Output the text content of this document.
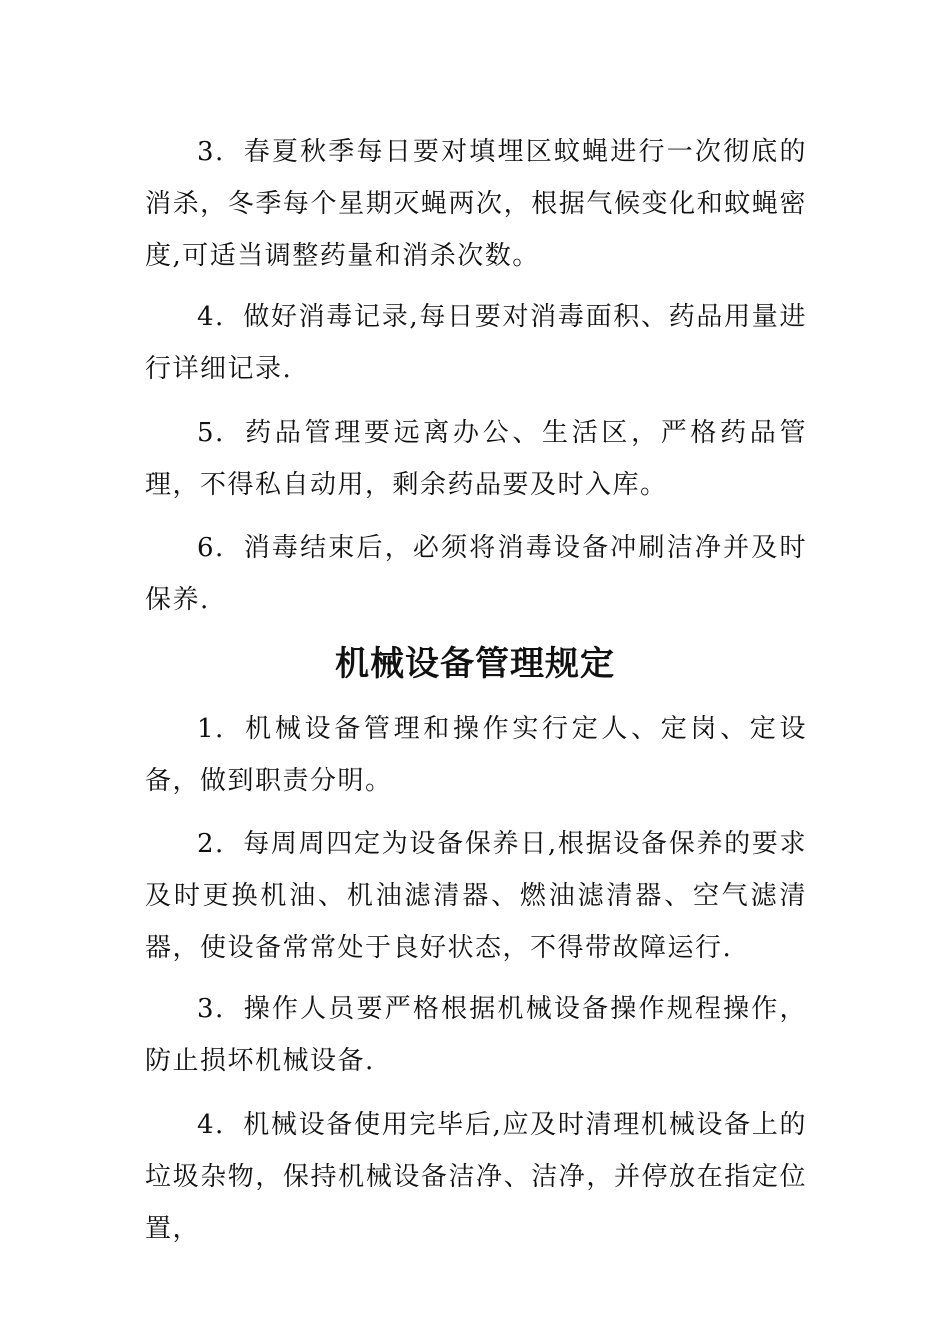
3. 春夏秋季每日要对填埋区蚊蝇进行一次彻底的消杀，冬季每个星期灭蝇两次，根据气候变化和蚊蝇密度,可适当调整药量和消杀次数。

4. 做好消毒记录,每日要对消毒面积、药品用量进行详细记录.

5. 药品管理要远离办公、生活区，严格药品管理，不得私自动用，剩余药品要及时入库。

6. 消毒结束后，必须将消毒设备冲刷洁净并及时保养.

机械设备管理规定

1. 机械设备管理和操作实行定人、定岗、定设备，做到职责分明。

2. 每周周四定为设备保养日,根据设备保养的要求及时更换机油、机油滤清器、燃油滤清器、空气滤清器，使设备常常处于良好状态，不得带故障运行.

3. 操作人员要严格根据机械设备操作规程操作，防止损坏机械设备.

4. 机械设备使用完毕后,应及时清理机械设备上的垃圾杂物，保持机械设备洁净、洁净，并停放在指定位置，
